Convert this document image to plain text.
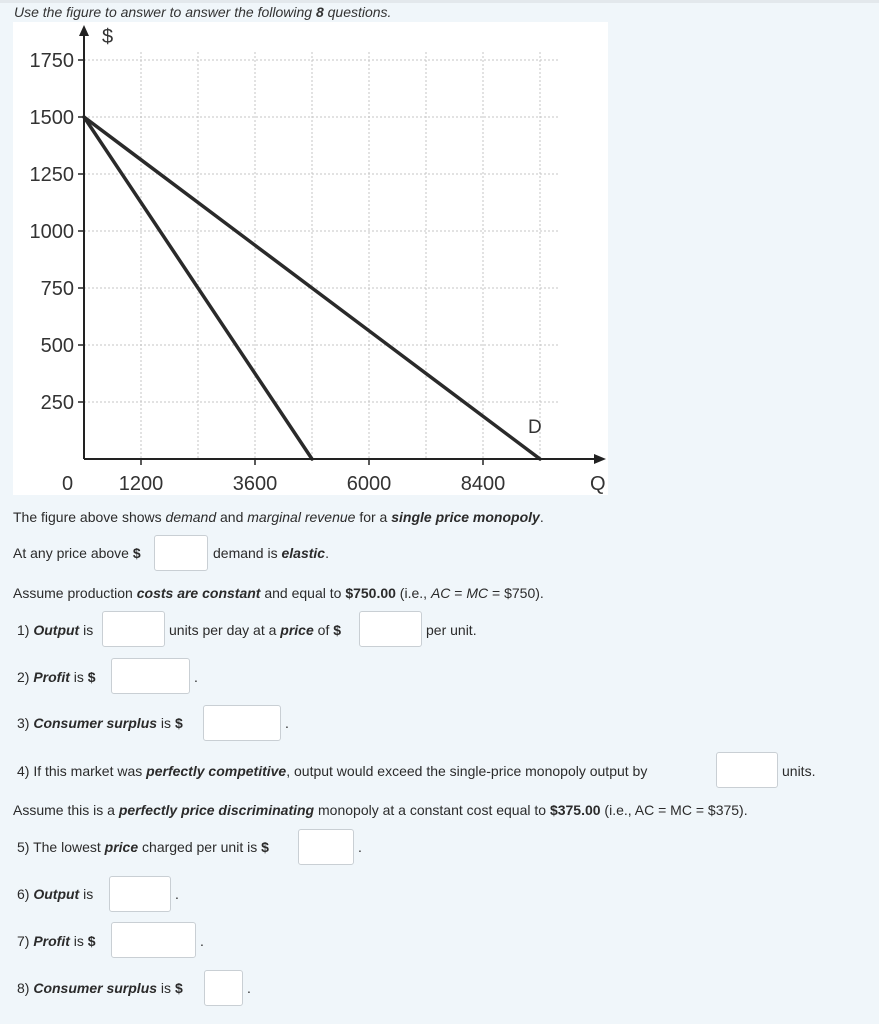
Use the figure to answer to answer the following 8 questions.
250
500
750
1000
1250
1500
1750
1200	3600	6000	8400
D
$
Q
0
The figure above shows demand and marginal revenue for a single price monopoly.
At any price above $	demand is elastic.
Assume production costs are constant and equal to $750.00 (i.e., AC = MC = $750).
1) Output is	units per day at a price of $	per unit.
2) Profit is $	.
3) Consumer surplus is $	.
4) If this market was perfectly competitive, output would exceed the single-price monopoly output by	units.
Assume this is a perfectly price discriminating monopoly at a constant cost equal to $375.00 (i.e., AC = MC = $375).
5) The lowest price charged per unit is $	.
6) Output is	.
7) Profit is $	.
8) Consumer surplus is $	.
